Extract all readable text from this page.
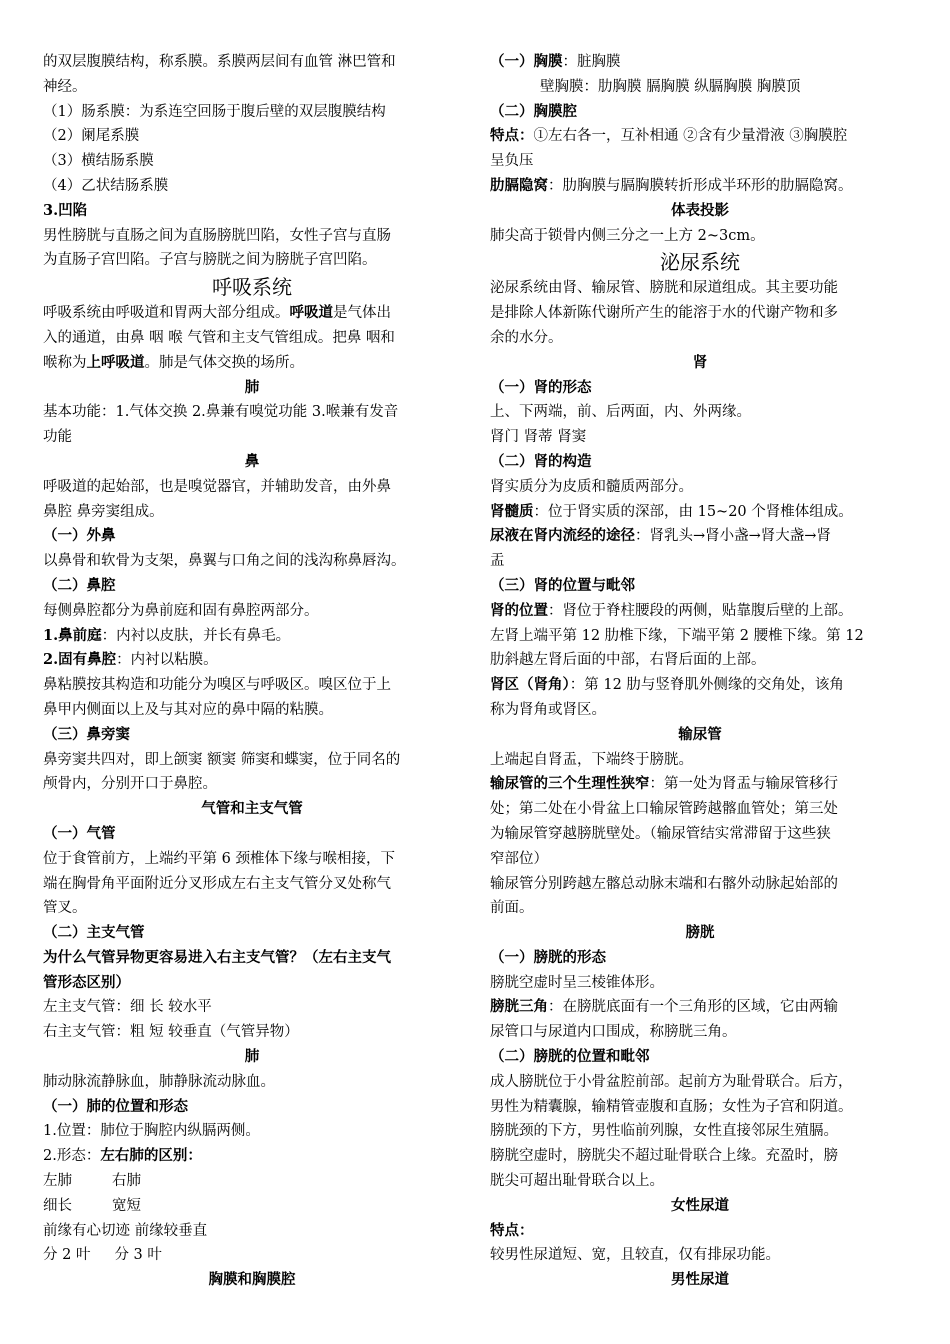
的双层腹膜结构，称系膜。系膜两层间有血管 淋巴管和

神经。

（1）肠系膜：为系连空回肠于腹后壁的双层腹膜结构

（2）阑尾系膜

（3）横结肠系膜

（4）乙状结肠系膜

3.凹陷

男性膀胱与直肠之间为直肠膀胱凹陷，女性子宫与直肠

为直肠子宫凹陷。子宫与膀胱之间为膀胱子宫凹陷。

呼吸系统

呼吸系统由呼吸道和胃两大部分组成。呼吸道是气体出

入的通道，由鼻 咽 喉 气管和主支气管组成。把鼻 咽和

喉称为上呼吸道。肺是气体交换的场所。

肺

基本功能：1.气体交换 2.鼻兼有嗅觉功能 3.喉兼有发音

功能

鼻

呼吸道的起始部，也是嗅觉器官，并辅助发音，由外鼻

鼻腔 鼻旁窦组成。

（一）外鼻

以鼻骨和软骨为支架，鼻翼与口角之间的浅沟称鼻唇沟。

（二）鼻腔

每侧鼻腔都分为鼻前庭和固有鼻腔两部分。

1.鼻前庭：内衬以皮肤，并长有鼻毛。

2.固有鼻腔：内衬以粘膜。

鼻粘膜按其构造和功能分为嗅区与呼吸区。嗅区位于上

鼻甲内侧面以上及与其对应的鼻中隔的粘膜。

（三）鼻旁窦

鼻旁窦共四对，即上颌窦 额窦 筛窦和蝶窦，位于同名的

颅骨内，分别开口于鼻腔。

气管和主支气管

（一）气管

位于食管前方，上端约平第 6 颈椎体下缘与喉相接，下

端在胸骨角平面附近分叉形成左右主支气管分叉处称气

管叉。

（二）主支气管

为什么气管异物更容易进入右主支气管？（左右主支气

管形态区别）

左主支气管：细 长 较水平

右主支气管：粗 短 较垂直（气管异物）

肺

肺动脉流静脉血，肺静脉流动脉血。

（一）肺的位置和形态

1.位置：肺位于胸腔内纵膈两侧。

2.形态：左右肺的区别：

左肺	右肺

细长	宽短

前缘有心切迹 前缘较垂直

分 2 叶 分 3 叶

胸膜和胸膜腔

（一）胸膜：脏胸膜

壁胸膜：肋胸膜 膈胸膜 纵膈胸膜 胸膜顶

（二）胸膜腔

特点：①左右各一，互补相通 ②含有少量滑液 ③胸膜腔

呈负压

肋膈隐窝：肋胸膜与膈胸膜转折形成半环形的肋膈隐窝。

体表投影

肺尖高于锁骨内侧三分之一上方 2~3cm。

泌尿系统

泌尿系统由肾、输尿管、膀胱和尿道组成。其主要功能

是排除人体新陈代谢所产生的能溶于水的代谢产物和多

余的水分。

肾

（一）肾的形态

上、下两端，前、后两面，内、外两缘。

肾门 肾蒂 肾窦

（二）肾的构造

肾实质分为皮质和髓质两部分。

肾髓质：位于肾实质的深部，由 15~20 个肾椎体组成。

尿液在肾内流经的途径：肾乳头→肾小盏→肾大盏→肾

盂

（三）肾的位置与毗邻

肾的位置：肾位于脊柱腰段的两侧，贴靠腹后壁的上部。

左肾上端平第 12 肋椎下缘，下端平第 2 腰椎下缘。第 12

肋斜越左肾后面的中部，右肾后面的上部。

肾区（肾角）：第 12 肋与竖脊肌外侧缘的交角处，该角

称为肾角或肾区。

输尿管

上端起自肾盂，下端终于膀胱。

输尿管的三个生理性狭窄：第一处为肾盂与输尿管移行

处；第二处在小骨盆上口输尿管跨越髂血管处；第三处

为输尿管穿越膀胱壁处。（输尿管结实常滞留于这些狭

窄部位）

输尿管分别跨越左髂总动脉末端和右髂外动脉起始部的

前面。

膀胱

（一）膀胱的形态

膀胱空虚时呈三棱锥体形。

膀胱三角：在膀胱底面有一个三角形的区域，它由两输

尿管口与尿道内口围成，称膀胱三角。

（二）膀胱的位置和毗邻

成人膀胱位于小骨盆腔前部。起前方为耻骨联合。后方，

男性为精囊腺，输精管壶腹和直肠；女性为子宫和阴道。

膀胱颈的下方，男性临前列腺，女性直接邻尿生殖膈。

膀胱空虚时，膀胱尖不超过耻骨联合上缘。充盈时，膀

胱尖可超出耻骨联合以上。

女性尿道

特点：

较男性尿道短、宽，且较直，仅有排尿功能。

男性尿道
